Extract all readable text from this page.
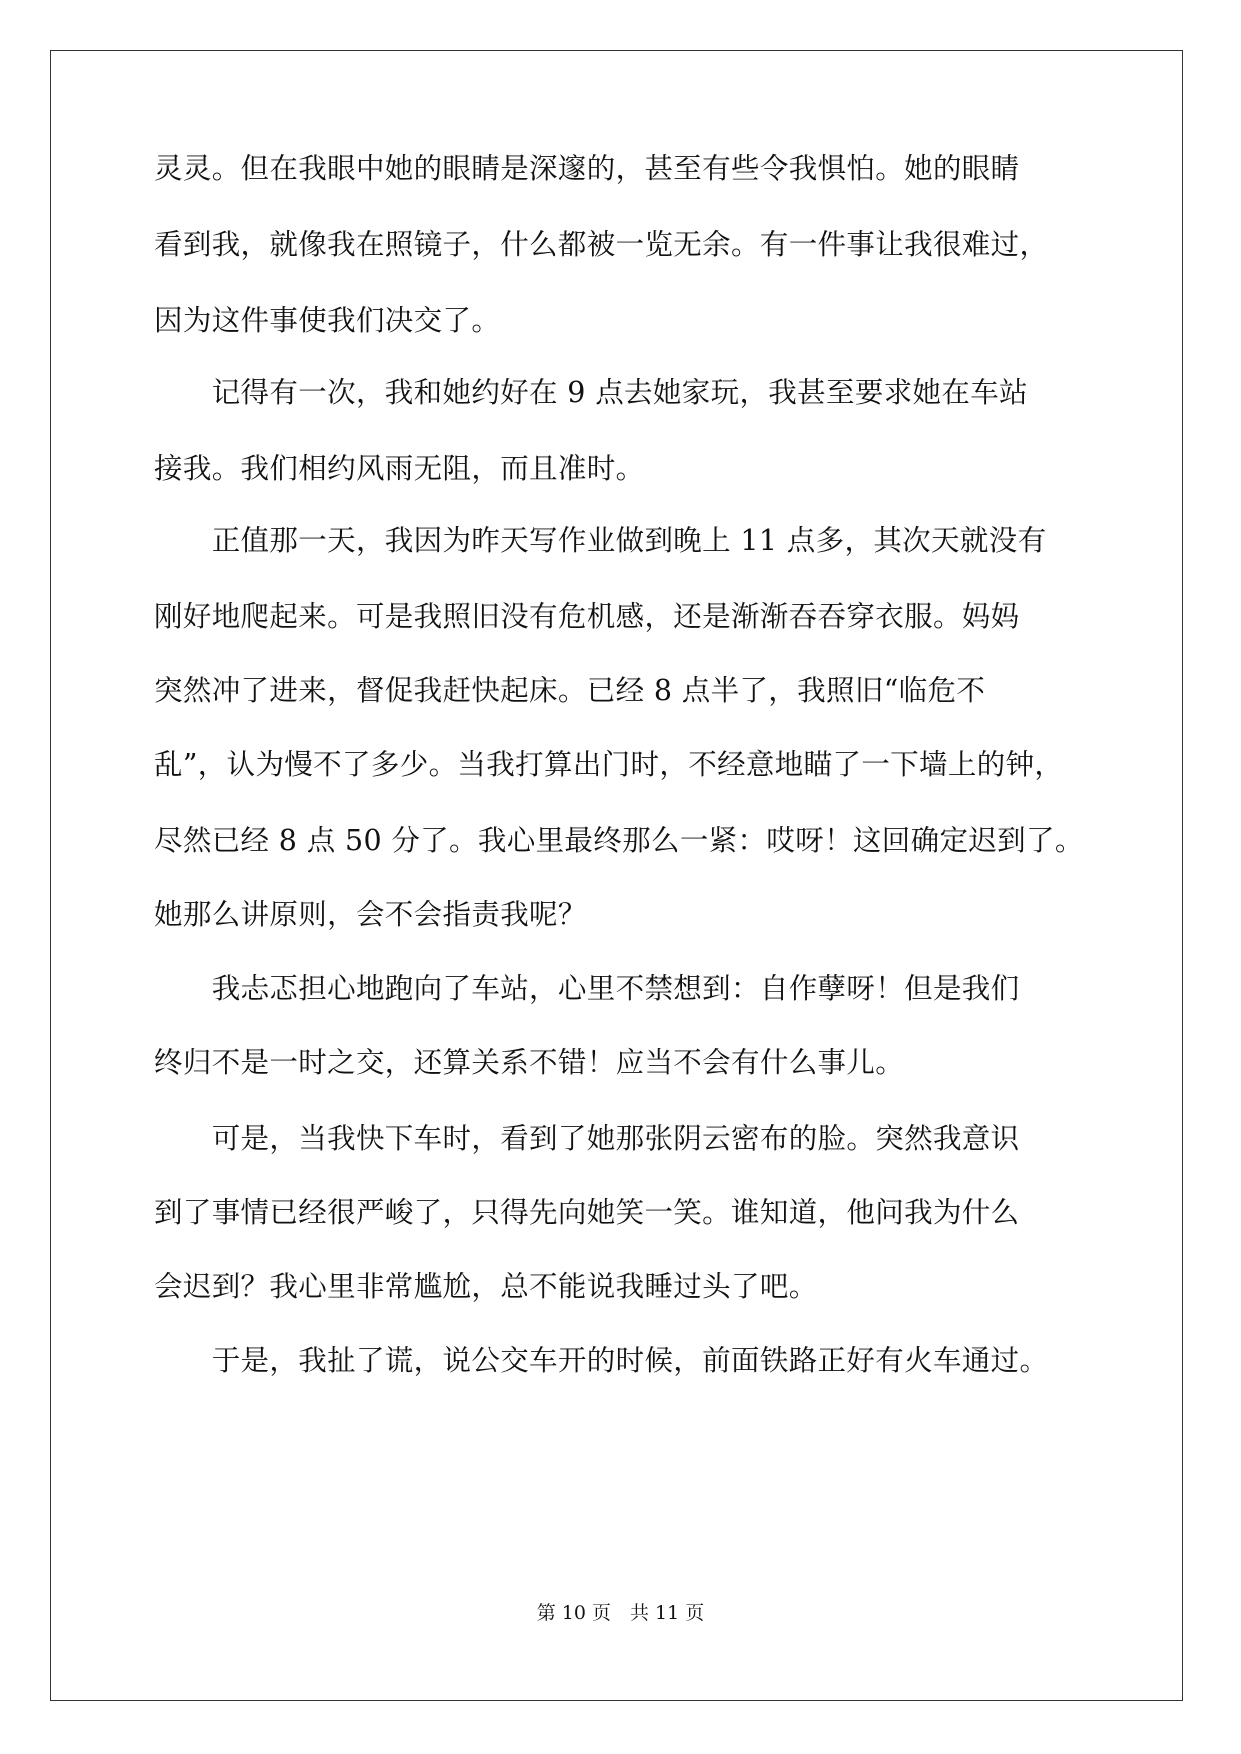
灵灵。但在我眼中她的眼睛是深邃的，甚至有些令我惧怕。她的眼睛
看到我，就像我在照镜子，什么都被一览无余。有一件事让我很难过，
因为这件事使我们决交了。
　　记得有一次，我和她约好在 9 点去她家玩，我甚至要求她在车站
接我。我们相约风雨无阻，而且准时。
　　正值那一天，我因为昨天写作业做到晚上 11 点多，其次天就没有
刚好地爬起来。可是我照旧没有危机感，还是渐渐吞吞穿衣服。妈妈
突然冲了进来，督促我赶快起床。已经 8 点半了，我照旧“临危不
乱”，认为慢不了多少。当我打算出门时，不经意地瞄了一下墙上的钟，
尽然已经 8 点 50 分了。我心里最终那么一紧：哎呀！这回确定迟到了。
她那么讲原则，会不会指责我呢？
　　我忐忑担心地跑向了车站，心里不禁想到：自作孽呀！但是我们
终归不是一时之交，还算关系不错！应当不会有什么事儿。
　　可是，当我快下车时，看到了她那张阴云密布的脸。突然我意识
到了事情已经很严峻了，只得先向她笑一笑。谁知道，他问我为什么
会迟到？我心里非常尴尬，总不能说我睡过头了吧。
　　于是，我扯了谎，说公交车开的时候，前面铁路正好有火车通过。
第 10 页　共 11 页
